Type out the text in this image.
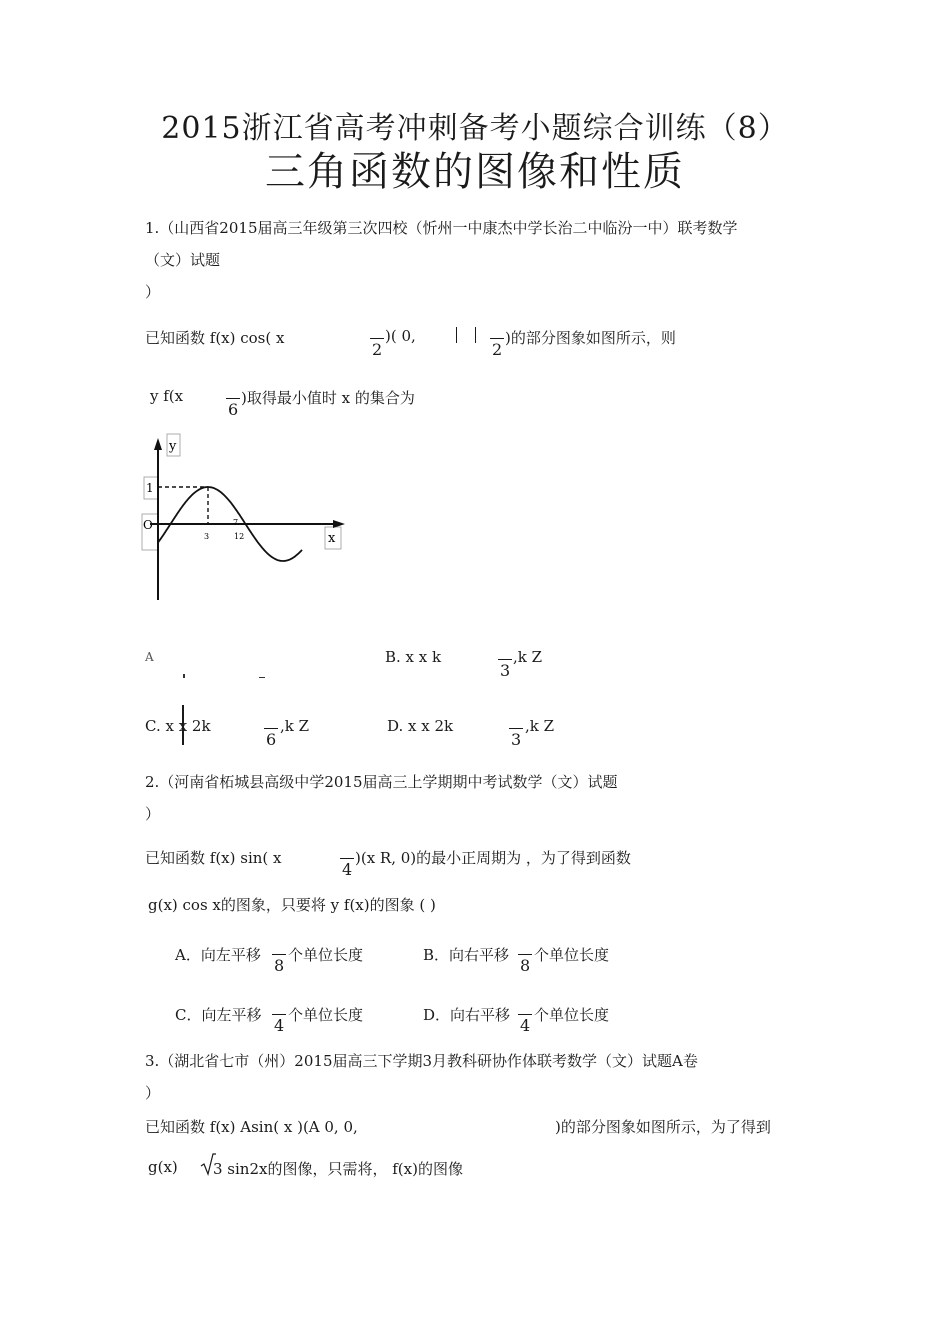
2015浙江省高考冲刺备考小题综合训练（8）
三角函数的图像和性质
1.（山西省2015届高三年级第三次四校（忻州一中康杰中学长治二中临汾一中）联考数学
（文）试题
）
已知函数 f(x) cos( x
2
)( 0,
2
)的部分图象如图所示，则
y f(x
6
)取得最小值时 x 的集合为
y
1
O
x
3
7
12
A	B. x x k
3
,k Z
C. x x 2k
6
,k Z	D. x x 2k
3
,k Z
2.（河南省柘城县高级中学2015届高三上学期期中考试数学（文）试题
）
已知函数 f(x) sin( x
4
)(x R, 0)的最小正周期为 ，为了得到函数
g(x) cos x的图象，只要将 y f(x)的图象 ( )
A．向左平移
8
个单位长度	B．向右平移
8
个单位长度
C．向左平移
4
个单位长度	D．向右平移
4
个单位长度
3.（湖北省七市（州）2015届高三下学期3月教科研协作体联考数学（文）试题A卷
）
已知函数 f(x) Asin( x )(A 0, 0,	)的部分图象如图所示，为了得到
g(x) 3 sin2x的图像，只需将， f(x)的图像
